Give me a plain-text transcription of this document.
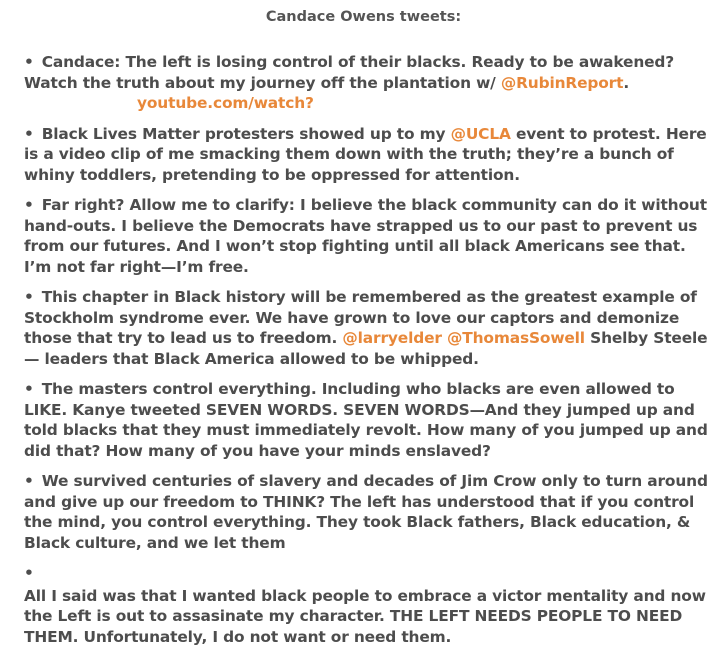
Candace Owens tweets:
• Candace: The left is losing control of their blacks. Ready to be awakened? Watch the truth about my journey off the plantation w/ @RubinReport.
youtube.com/watch?
• Black Lives Matter protesters showed up to my @UCLA event to protest. Here is a video clip of me smacking them down with the truth; they’re a bunch of whiny toddlers, pretending to be oppressed for attention.
• Far right? Allow me to clarify: I believe the black community can do it without hand-outs. I believe the Democrats have strapped us to our past to prevent us from our futures. And I won’t stop fighting until all black Americans see that. I’m not far right—I’m free.
• This chapter in Black history will be remembered as the greatest example of Stockholm syndrome ever. We have grown to love our captors and demonize those that try to lead us to freedom. @larryelder @ThomasSowell Shelby Steele— leaders that Black America allowed to be whipped.
• The masters control everything. Including who blacks are even allowed to LIKE. Kanye tweeted SEVEN WORDS. SEVEN WORDS—And they jumped up and told blacks that they must immediately revolt. How many of you jumped up and did that? How many of you have your minds enslaved?
• We survived centuries of slavery and decades of Jim Crow only to turn around and give up our freedom to THINK? The left has understood that if you control the mind, you control everything. They took Black fathers, Black education, & Black culture, and we let them
•
All I said was that I wanted black people to embrace a victor mentality and now the Left is out to assasinate my character. THE LEFT NEEDS PEOPLE TO NEED THEM. Unfortunately, I do not want or need them.
